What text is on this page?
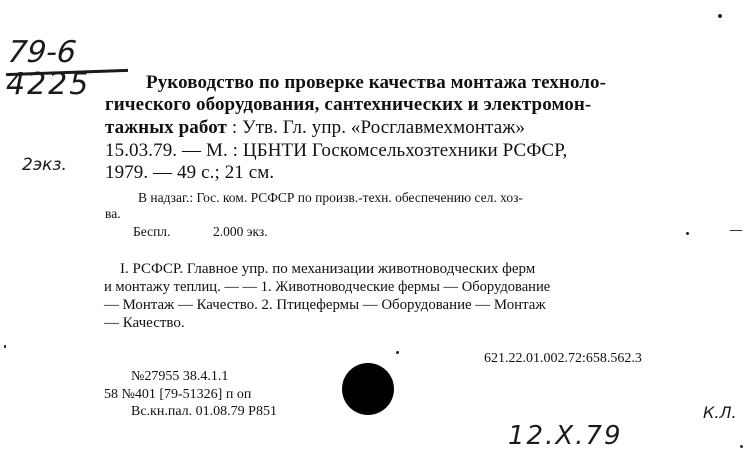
79-6
4225
2экз.
Руководство по проверке качества монтажа техноло-
гического оборудования, сантехнических и электромон-
тажных работ : Утв. Гл. упр. «Росглавмехмонтаж»
15.03.79. — М. : ЦБНТИ Госкомсельхозтехники РСФСР,
1979. — 49 с.; 21 см.
В надзаг.: Гос. ком. РСФСР по произв.-техн. обеспечению сел. хоз-
ва.
Беспл.	2.000 экз.
I. РСФСР. Главное упр. по механизации животноводческих ферм
и монтажу теплиц. — — 1. Животноводческие фермы — Оборудование
— Монтаж — Качество. 2. Птицефермы — Оборудование — Монтаж
— Качество.
621.22.01.002.72:658.562.3
№27955 38.4.1.1
58 №401 [79-51326] п оп
Вс.кн.пал. 01.08.79 Р851	К.Л.
12.X.79
